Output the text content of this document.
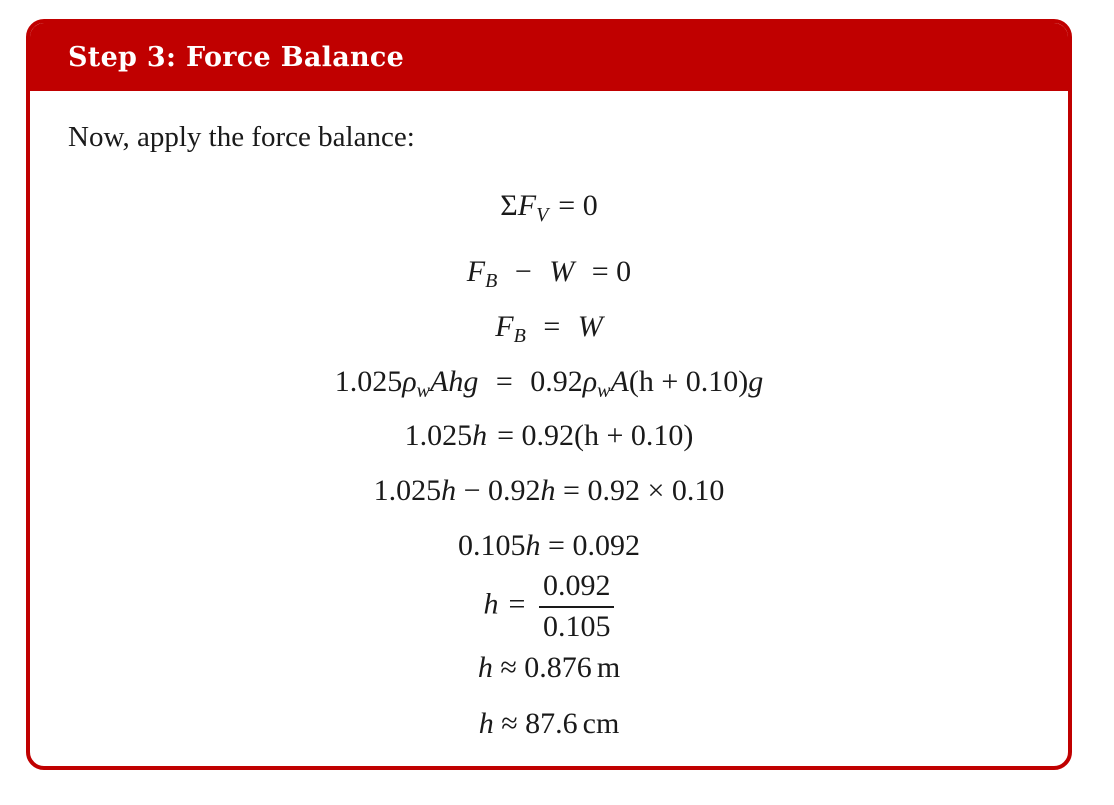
Step 3: Force Balance
Now, apply the force balance:
$\Sigma F_V = 0$
$F_B - W = 0$
$F_B = W$
$1.025\rho_wAhg = 0.92\rho_wA(h + 0.10)g$
1.025h = 0.92(h + 0.10)
1.025h − 0.92h = 0.92 × 0.10
0.105h = 0.092
$h = \frac{0.092}{0.105}$
h ≈ 0.876 m
h ≈ 87.6 cm
